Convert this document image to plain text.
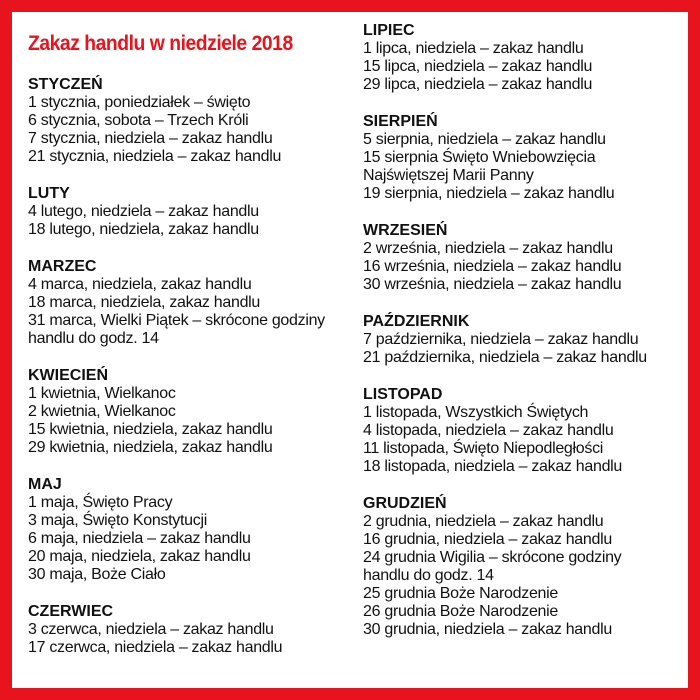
Zakaz handlu w niedziele 2018
STYCZEŃ
1 stycznia, poniedziałek – święto
6 stycznia, sobota – Trzech Króli
7 stycznia, niedziela – zakaz handlu
21 stycznia, niedziela – zakaz handlu
LUTY
4 lutego, niedziela – zakaz handlu
18 lutego, niedziela, zakaz handlu
MARZEC
4 marca, niedziela, zakaz handlu
18 marca, niedziela, zakaz handlu
31 marca, Wielki Piątek – skrócone godziny
handlu do godz. 14
KWIECIEŃ
1 kwietnia, Wielkanoc
2 kwietnia, Wielkanoc
15 kwietnia, niedziela, zakaz handlu
29 kwietnia, niedziela, zakaz handlu
MAJ
1 maja, Święto Pracy
3 maja, Święto Konstytucji
6 maja, niedziela – zakaz handlu
20 maja, niedziela, zakaz handlu
30 maja, Boże Ciało
CZERWIEC
3 czerwca, niedziela – zakaz handlu
17 czerwca, niedziela – zakaz handlu
LIPIEC
1 lipca, niedziela – zakaz handlu
15 lipca, niedziela – zakaz handlu
29 lipca, niedziela – zakaz handlu
SIERPIEŃ
5 sierpnia, niedziela – zakaz handlu
15 sierpnia Święto Wniebowzięcia
Najświętszej Marii Panny
19 sierpnia, niedziela – zakaz handlu
WRZESIEŃ
2 września, niedziela – zakaz handlu
16 września, niedziela – zakaz handlu
30 września, niedziela – zakaz handlu
PAŹDZIERNIK
7 października, niedziela – zakaz handlu
21 października, niedziela – zakaz handlu
LISTOPAD
1 listopada, Wszystkich Świętych
4 listopada, niedziela – zakaz handlu
11 listopada, Święto Niepodległości
18 listopada, niedziela – zakaz handlu
GRUDZIEŃ
2 grudnia, niedziela – zakaz handlu
16 grudnia, niedziela – zakaz handlu
24 grudnia Wigilia – skrócone godziny
handlu do godz. 14
25 grudnia Boże Narodzenie
26 grudnia Boże Narodzenie
30 grudnia, niedziela – zakaz handlu
